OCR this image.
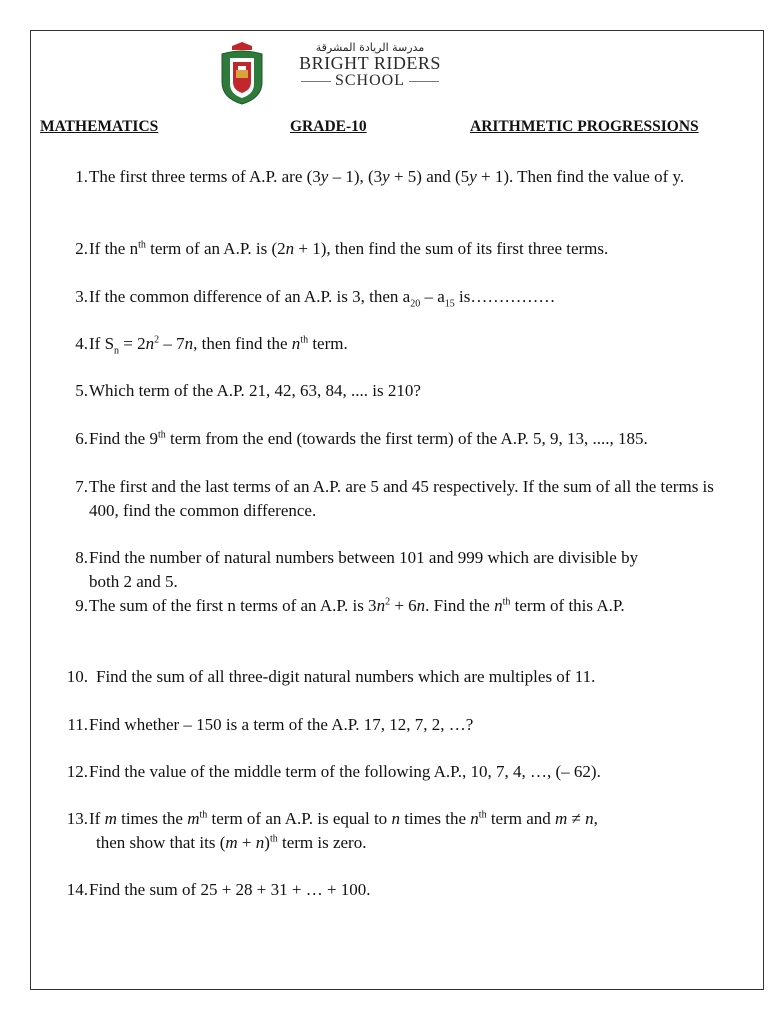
مدرسة الريادة المشرقة
BRIGHT RIDERS
SCHOOL
MATHEMATICS	GRADE-10	ARITHMETIC PROGRESSIONS
1. The first three terms of A.P. are (3y – 1), (3y + 5) and (5y + 1). Then find the value of y.
2. If the $n^{th}$ term of an A.P. is (2n + 1), then find the sum of its first three terms.
3. If the common difference of an A.P. is 3, then $a_{20} - a_{15}$ is……………
4. If $S_n = 2n^2 - 7n$, then find the $n^{th}$ term.
5. Which term of the A.P. 21, 42, 63, 84, .... is 210?
6. Find the 9th term from the end (towards the first term) of the A.P. 5, 9, 13, ...., 185.
7. The first and the last terms of an A.P. are 5 and 45 respectively. If the sum of all the terms is 400, find the common difference.
8. Find the number of natural numbers between 101 and 999 which are divisible by both 2 and 5.
9. The sum of the first n terms of an A.P. is $3n^2 + 6n$. Find the $n^{th}$ term of this A.P.
10. Find the sum of all three-digit natural numbers which are multiples of 11.
11. Find whether – 150 is a term of the A.P. 17, 12, 7, 2, …?
12. Find the value of the middle term of the following A.P., 10, 7, 4, …, (– 62).
13. If m times the $m^{th}$ term of an A.P. is equal to n times the $n^{th}$ term and m ≠ n,
then show that its $(m + n)^{th}$ term is zero.
14. Find the sum of 25 + 28 + 31 + … + 100.
